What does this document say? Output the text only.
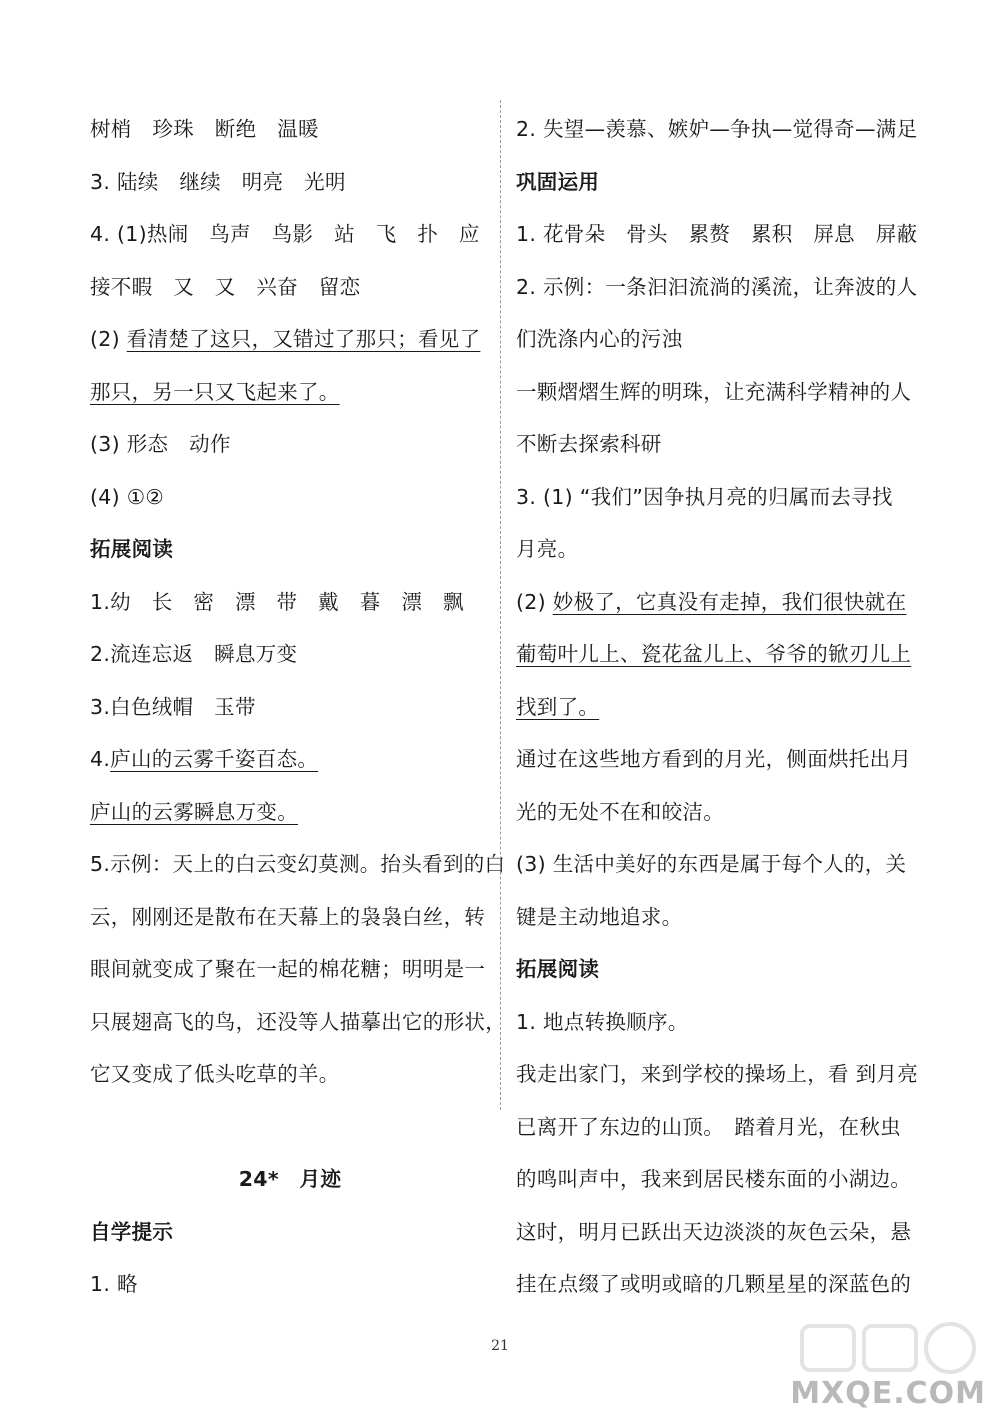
树梢　珍珠　断绝　温暖
3. 陆续　继续　明亮　光明
4. (1)热闹　鸟声　鸟影　站　飞　扑　应
接不暇　又　又　兴奋　留恋
(2) 看清楚了这只，又错过了那只；看见了
那只，另一只又飞起来了。
(3) 形态　动作
(4) ①②
拓展阅读
1.幼　长　密　漂　带　戴　暮　漂　飘
2.流连忘返　瞬息万变
3.白色绒帽　玉带
4.庐山的云雾千姿百态。
庐山的云雾瞬息万变。
5.示例：天上的白云变幻莫测。抬头看到的白
云，刚刚还是散布在天幕上的袅袅白丝，转
眼间就变成了聚在一起的棉花糖；明明是一
只展翅高飞的鸟，还没等人描摹出它的形状，
它又变成了低头吃草的羊。
24*　月迹
自学提示
1. 略
2. 失望—羡慕、嫉妒—争执—觉得奇—满足
巩固运用
1. 花骨朵　骨头　累赘　累积　屏息　屏蔽
2. 示例：一条汩汩流淌的溪流，让奔波的人
们洗涤内心的污浊
一颗熠熠生辉的明珠，让充满科学精神的人
不断去探索科研
3. (1) “我们”因争执月亮的归属而去寻找
月亮。
(2) 妙极了，它真没有走掉，我们很快就在
葡萄叶儿上、瓷花盆儿上、爷爷的锨刃儿上
找到了。
通过在这些地方看到的月光，侧面烘托出月
光的无处不在和皎洁。
(3) 生活中美好的东西是属于每个人的，关
键是主动地追求。
拓展阅读
1. 地点转换顺序。
我走出家门，来到学校的操场上，看 到月亮
已离开了东边的山顶。　踏着月光，在秋虫
的鸣叫声中，我来到居民楼东面的小湖边。
这时，明月已跃出天边淡淡的灰色云朵，悬
挂在点缀了或明或暗的几颗星星的深蓝色的
21
MXQE.COM
